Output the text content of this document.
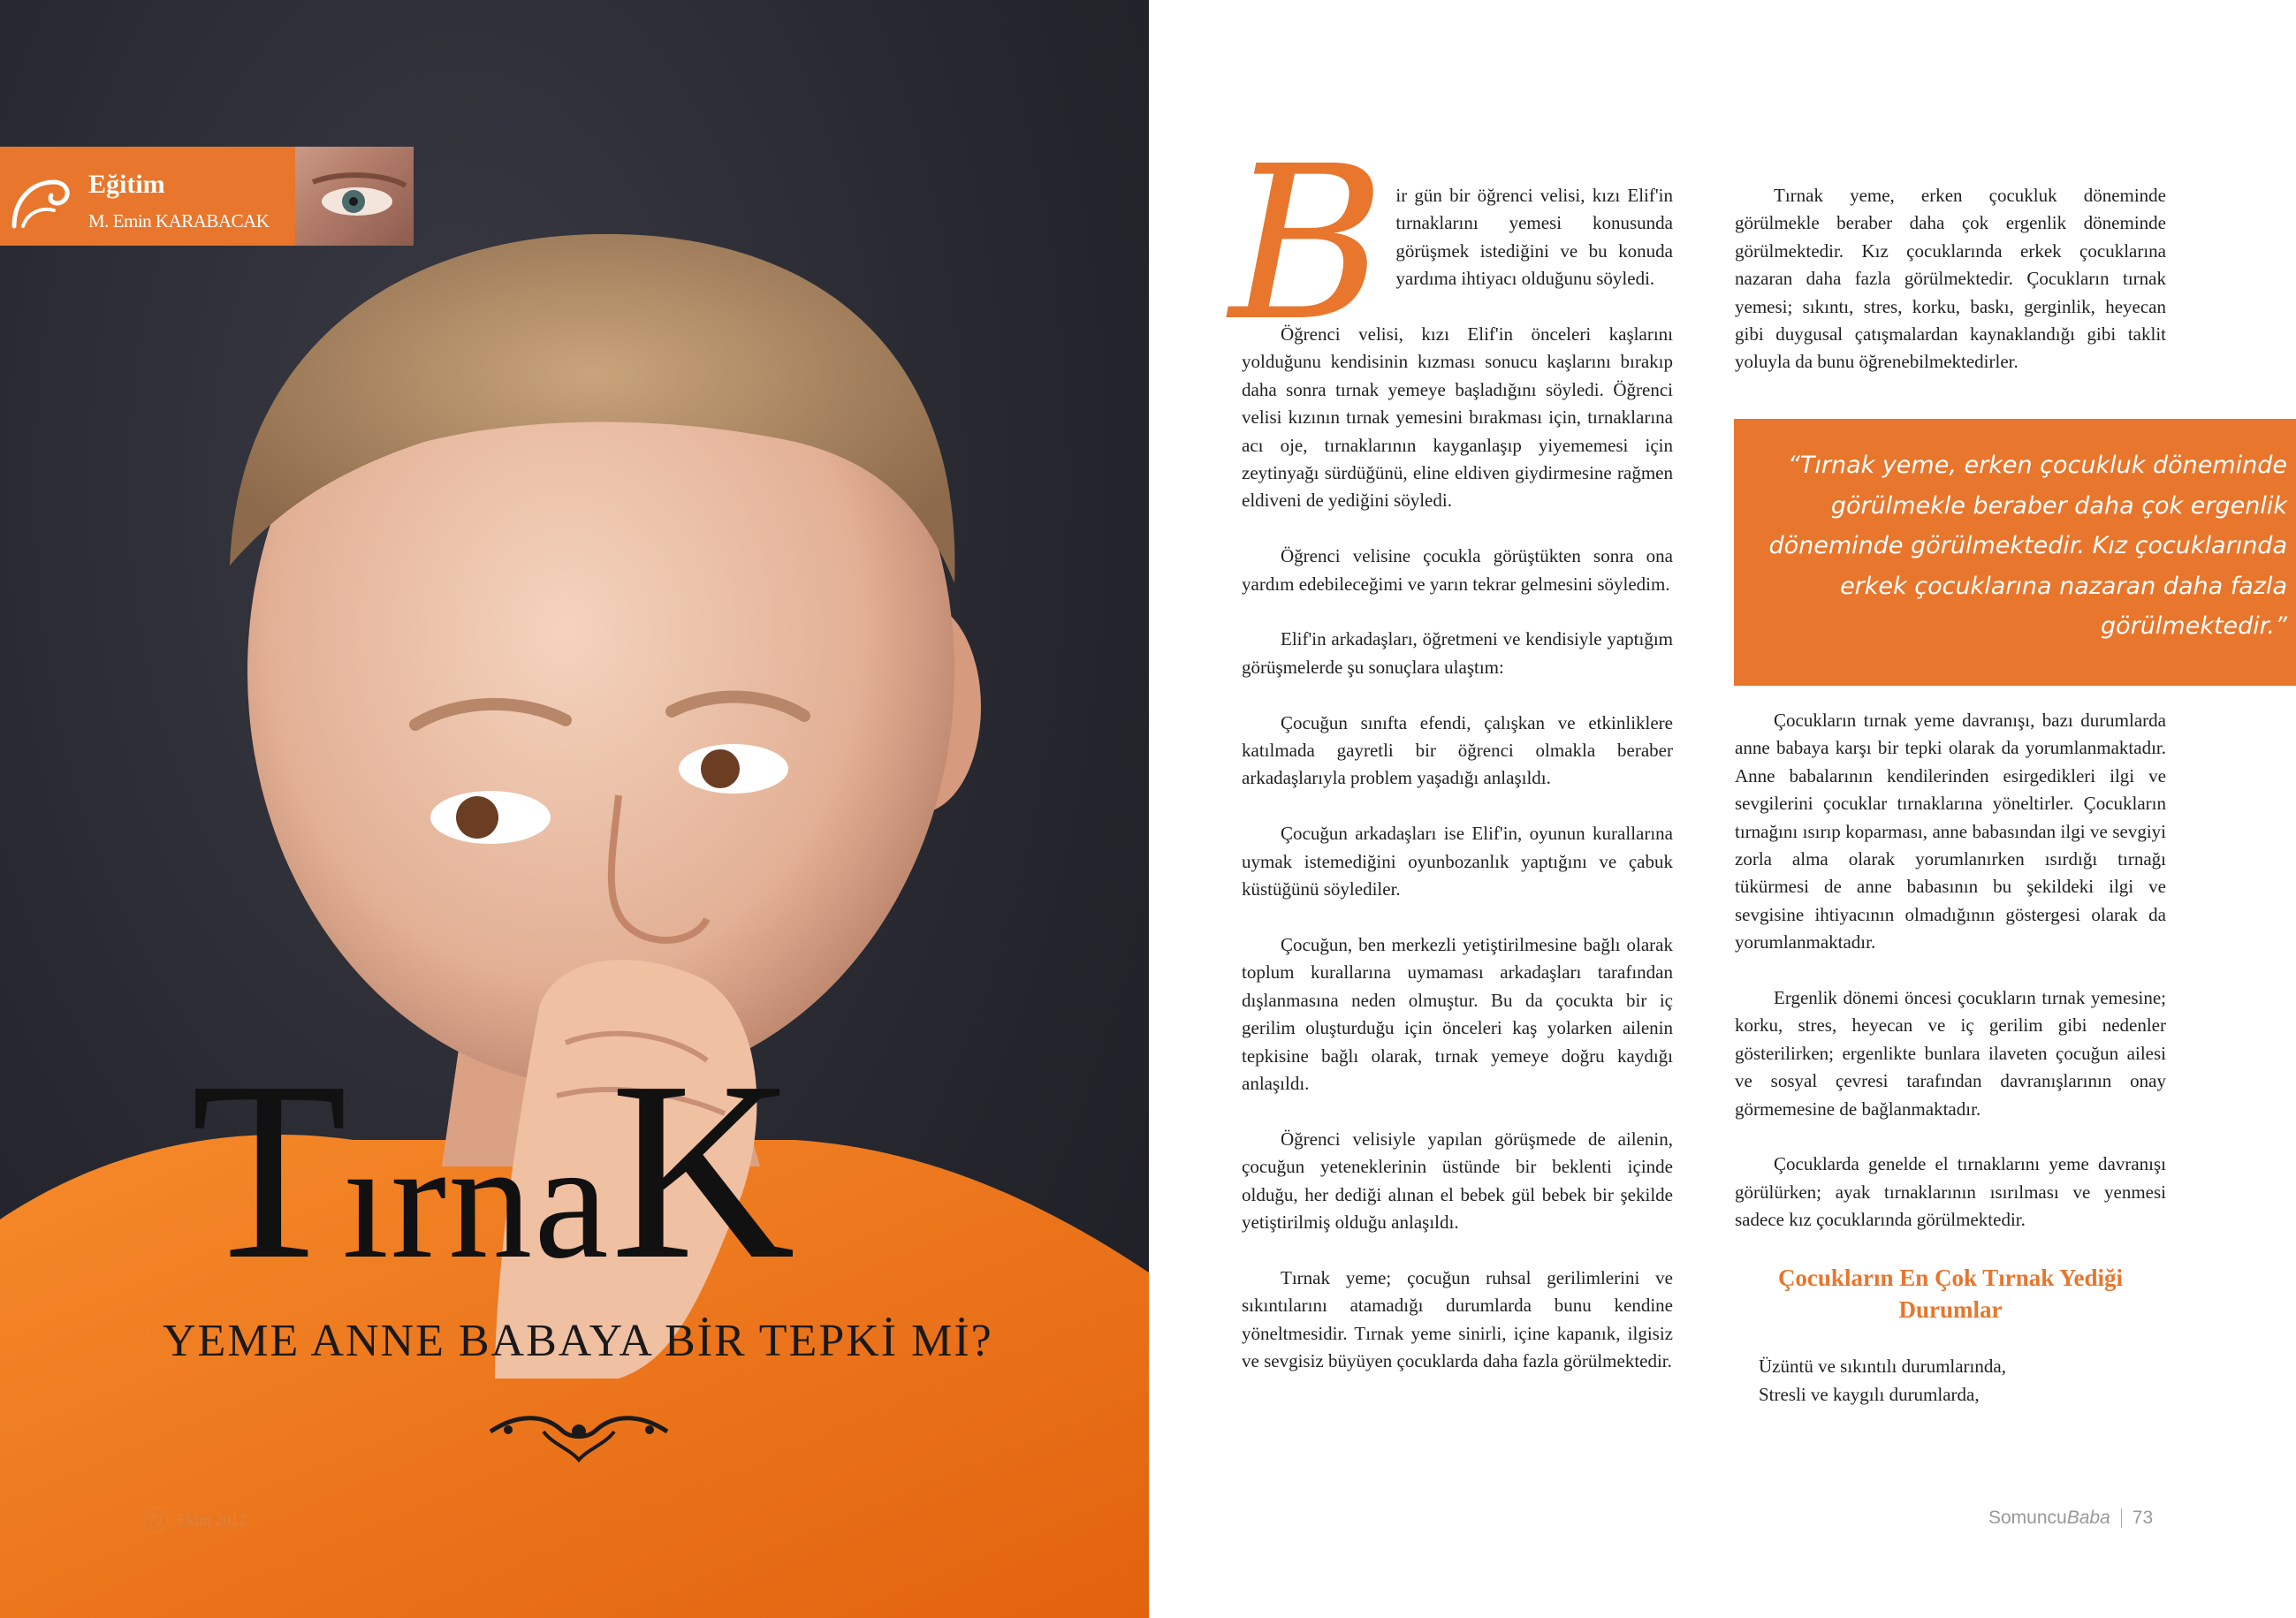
Eğitim
M. Emin KARABACAK
TırnaK
YEME ANNE BABAYA BİR TEPKİ Mİ?
72 Ekim 2012

Bir gün bir öğrenci velisi, kızı Elif'in tırnaklarını yemesi konusunda görüşmek istediğini ve bu konuda yardıma ihtiyacı olduğunu söyledi.

Öğrenci velisi, kızı Elif'in önceleri kaşlarını yolduğunu kendisinin kızması sonucu kaşlarını bırakıp daha sonra tırnak yemeye başladığını söyledi. Öğrenci velisi kızının tırnak yemesini bırakması için, tırnaklarına acı oje, tırnaklarının kayganlaşıp yiyememesi için zeytinyağı sürdüğünü, eline eldiven giydirmesine rağmen eldiveni de yediğini söyledi.

Öğrenci velisine çocukla görüştükten sonra ona yardım edebileceğimi ve yarın tekrar gelmesini söyledim.

Elif'in arkadaşları, öğretmeni ve kendisiyle yaptığım görüşmelerde şu sonuçlara ulaştım:

Çocuğun sınıfta efendi, çalışkan ve etkinliklere katılmada gayretli bir öğrenci olmakla beraber arkadaşlarıyla problem yaşadığı anlaşıldı.

Çocuğun arkadaşları ise Elif'in, oyunun kurallarına uymak istemediğini oyunbozanlık yaptığını ve çabuk küstüğünü söylediler.

Çocuğun, ben merkezli yetiştirilmesine bağlı olarak toplum kurallarına uymaması arkadaşları tarafından dışlanmasına neden olmuştur. Bu da çocukta bir iç gerilim oluşturduğu için önceleri kaş yolarken ailenin tepkisine bağlı olarak, tırnak yemeye doğru kaydığı anlaşıldı.

Öğrenci velisiyle yapılan görüşmede de ailenin, çocuğun yeteneklerinin üstünde bir beklenti içinde olduğu, her dediği alınan el bebek gül bebek bir şekilde yetiştirilmiş olduğu anlaşıldı.

Tırnak yeme; çocuğun ruhsal gerilimlerini ve sıkıntılarını atamadığı durumlarda bunu kendine yöneltmesidir. Tırnak yeme sinirli, içine kapanık, ilgisiz ve sevgisiz büyüyen çocuklarda daha fazla görülmektedir.

Tırnak yeme, erken çocukluk döneminde görülmekle beraber daha çok ergenlik döneminde görülmektedir. Kız çocuklarında erkek çocuklarına nazaran daha fazla görülmektedir. Çocukların tırnak yemesi; sıkıntı, stres, korku, baskı, gerginlik, heyecan gibi duygusal çatışmalardan kaynaklandığı gibi taklit yoluyla da bunu öğrenebilmektedirler.

“Tırnak yeme, erken çocukluk döneminde görülmekle beraber daha çok ergenlik döneminde görülmektedir. Kız çocuklarında erkek çocuklarına nazaran daha fazla görülmektedir.”

Çocukların tırnak yeme davranışı, bazı durumlarda anne babaya karşı bir tepki olarak da yorumlanmaktadır. Anne babalarının kendilerinden esirgedikleri ilgi ve sevgilerini çocuklar tırnaklarına yöneltirler. Çocukların tırnağını ısırıp koparması, anne babasından ilgi ve sevgiyi zorla alma olarak yorumlanırken ısırdığı tırnağı tükürmesi de anne babasının bu şekildeki ilgi ve sevgisine ihtiyacının olmadığının göstergesi olarak da yorumlanmaktadır.

Ergenlik dönemi öncesi çocukların tırnak yemesine; korku, stres, heyecan ve iç gerilim gibi nedenler gösterilirken; ergenlikte bunlara ilaveten çocuğun ailesi ve sosyal çevresi tarafından davranışlarının onay görmemesine de bağlanmaktadır.

Çocuklarda genelde el tırnaklarını yeme davranışı görülürken; ayak tırnaklarının ısırılması ve yenmesi sadece kız çocuklarında görülmektedir.

Çocukların En Çok Tırnak Yediği Durumlar

Üzüntü ve sıkıntılı durumlarında,

Stresli ve kaygılı durumlarda,

SomuncuBaba 73
